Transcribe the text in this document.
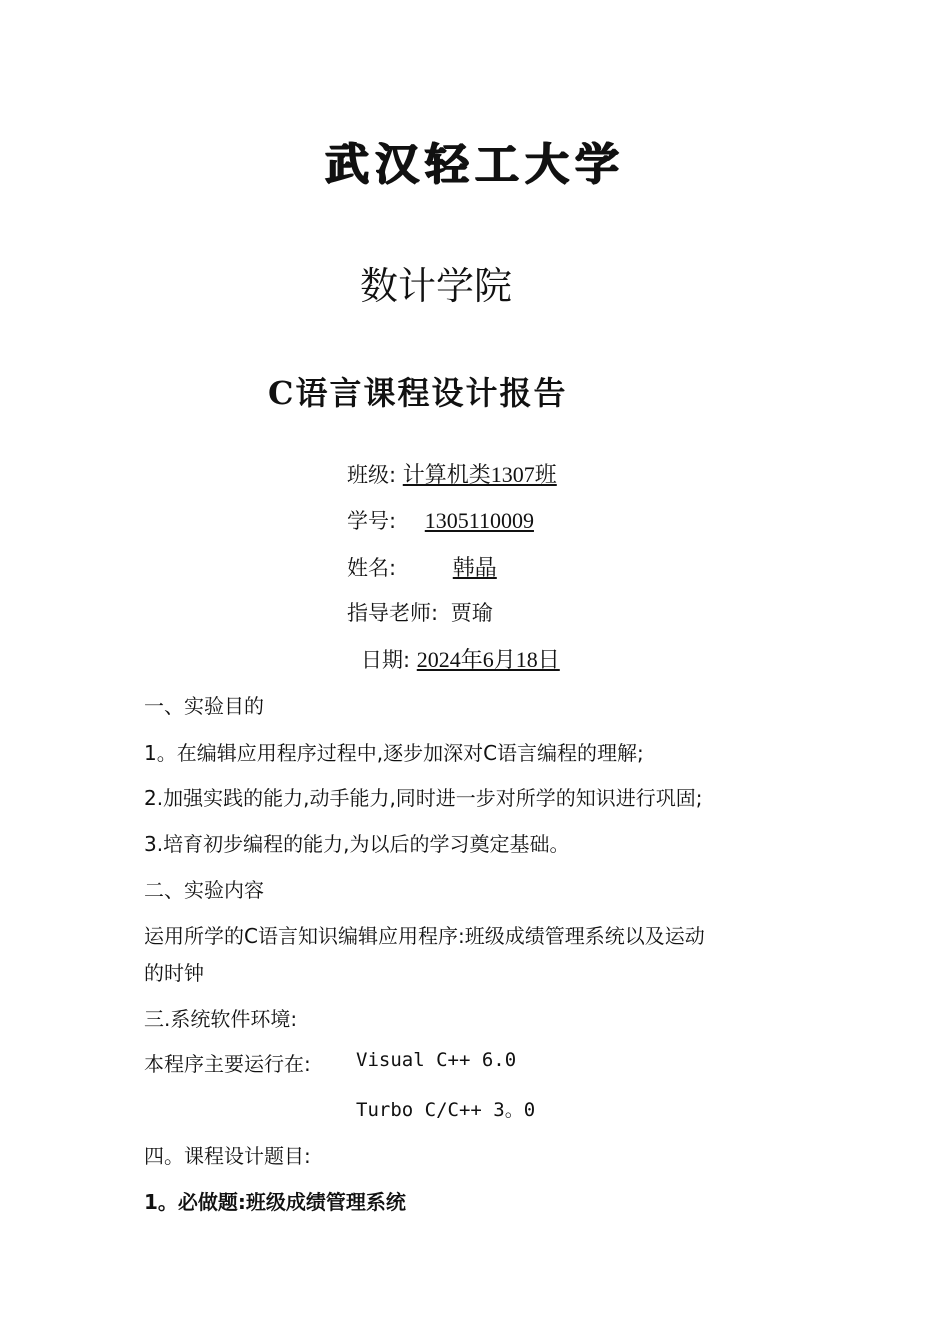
武汉轻工大学
数计学院
C语言课程设计报告
班级: 计算机类1307班
学号: 1305110009
姓名:	韩晶
指导老师: 贾瑜
日期: 2024年6月18日
一、实验目的
1。在编辑应用程序过程中,逐步加深对C语言编程的理解;
2.加强实践的能力,动手能力,同时进一步对所学的知识进行巩固;
3.培育初步编程的能力,为以后的学习奠定基础。
二、实验内容
运用所学的C语言知识编辑应用程序:班级成绩管理系统以及运动
的时钟
三.系统软件环境:
本程序主要运行在: Visual C++ 6.0
Turbo C/C++ 3。0
四。课程设计题目:
1。必做题:班级成绩管理系统
